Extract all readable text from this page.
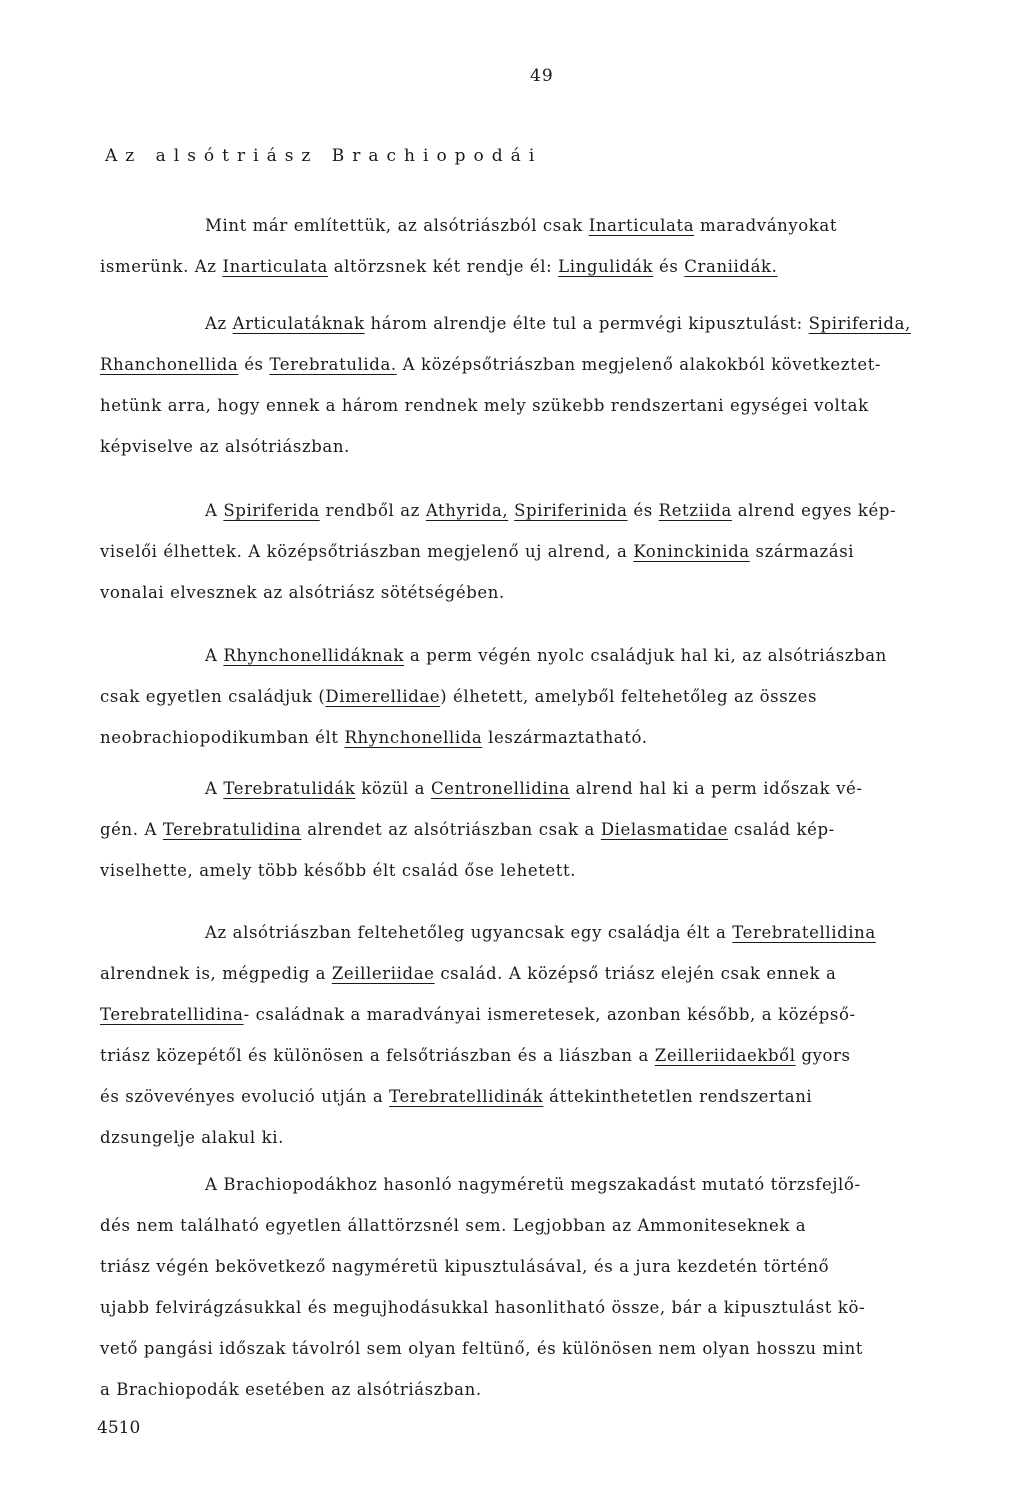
49
Az alsótriász Brachiopodái
Mint már említettük, az alsótriászból csak Inarticulata maradványokat
ismerünk. Az Inarticulata altörzsnek két rendje él: Lingulidák és Craniidák.
Az Articulatáknak három alrendje élte tul a permvégi kipusztulást: Spiriferida,
Rhanchonellida és Terebratulida. A középsőtriászban megjelenő alakokból következtet-
hetünk arra, hogy ennek a három rendnek mely szükebb rendszertani egységei voltak
képviselve az alsótriászban.
A Spiriferida rendből az Athyrida, Spiriferinida és Retziida alrend egyes kép-
viselői élhettek. A középsőtriászban megjelenő uj alrend, a Koninckinida származási
vonalai elvesznek az alsótriász sötétségében.
A Rhynchonellidáknak a perm végén nyolc családjuk hal ki, az alsótriászban
csak egyetlen családjuk (Dimerellidae) élhetett, amelyből feltehetőleg az összes
neobrachiopodikumban élt Rhynchonellida leszármaztatható.
A Terebratulidák közül a Centronellidina alrend hal ki a perm időszak vé-
gén. A Terebratulidina alrendet az alsótriászban csak a Dielasmatidae család kép-
viselhette, amely több később élt család őse lehetett.
Az alsótriászban feltehetőleg ugyancsak egy családja élt a Terebratellidina
alrendnek is, mégpedig a Zeilleriidae család. A középső triász elején csak ennek a
Terebratellidina- családnak a maradványai ismeretesek, azonban később, a középső-
triász közepétől és különösen a felsőtriászban és a liászban a Zeilleriidaekből gyors
és szövevényes evolució utján a Terebratellidinák áttekinthetetlen rendszertani
dzsungelje alakul ki.
A Brachiopodákhoz hasonló nagyméretü megszakadást mutató törzsfejlő-
dés nem található egyetlen állattörzsnél sem. Legjobban az Ammoniteseknek a
triász végén bekövetkező nagyméretü kipusztulásával, és a jura kezdetén történő
ujabb felvirágzásukkal és megujhodásukkal hasonlitható össze, bár a kipusztulást kö-
vető pangási időszak távolról sem olyan feltünő, és különösen nem olyan hosszu mint
a Brachiopodák esetében az alsótriászban.
4510
